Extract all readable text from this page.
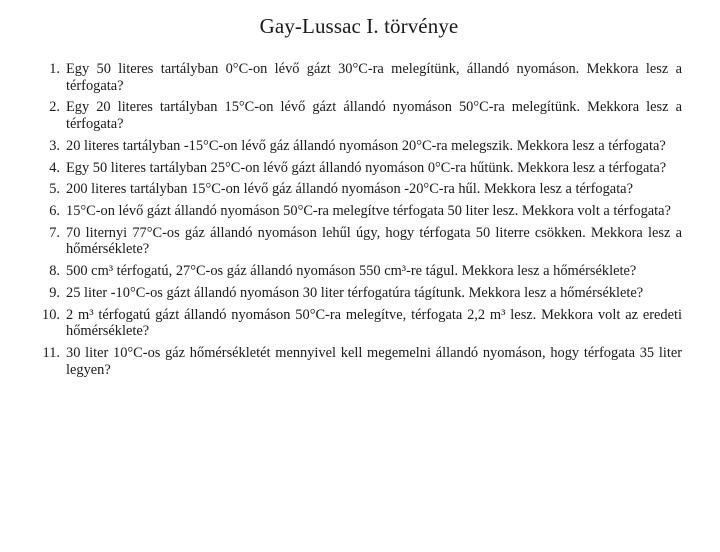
Gay-Lussac I. törvénye
1. Egy 50 literes tartályban 0°C-on lévő gázt 30°C-ra melegítünk, állandó nyomáson. Mekkora lesz a térfogata?
2. Egy 20 literes tartályban 15°C-on lévő gázt állandó nyomáson 50°C-ra melegítünk. Mekkora lesz a térfogata?
3. 20 literes tartályban -15°C-on lévő gáz állandó nyomáson 20°C-ra melegszik. Mekkora lesz a térfogata?
4. Egy 50 literes tartályban 25°C-on lévő gázt állandó nyomáson 0°C-ra hűtünk. Mekkora lesz a térfogata?
5. 200 literes tartályban 15°C-on lévő gáz állandó nyomáson -20°C-ra hűl. Mekkora lesz a térfogata?
6. 15°C-on lévő gázt állandó nyomáson 50°C-ra melegítve térfogata 50 liter lesz. Mekkora volt a térfogata?
7. 70 liternyi 77°C-os gáz állandó nyomáson lehűl úgy, hogy térfogata 50 literre csökken. Mekkora lesz a hőmérséklete?
8. 500 cm³ térfogatú, 27°C-os gáz állandó nyomáson 550 cm³-re tágul. Mekkora lesz a hőmérséklete?
9. 25 liter -10°C-os gázt állandó nyomáson 30 liter térfogatúra tágítunk. Mekkora lesz a hőmérséklete?
10. 2 m³ térfogatú gázt állandó nyomáson 50°C-ra melegítve, térfogata 2,2 m³ lesz. Mekkora volt az eredeti hőmérséklete?
11. 30 liter 10°C-os gáz hőmérsékletét mennyivel kell megemelni állandó nyomáson, hogy térfogata 35 liter legyen?
